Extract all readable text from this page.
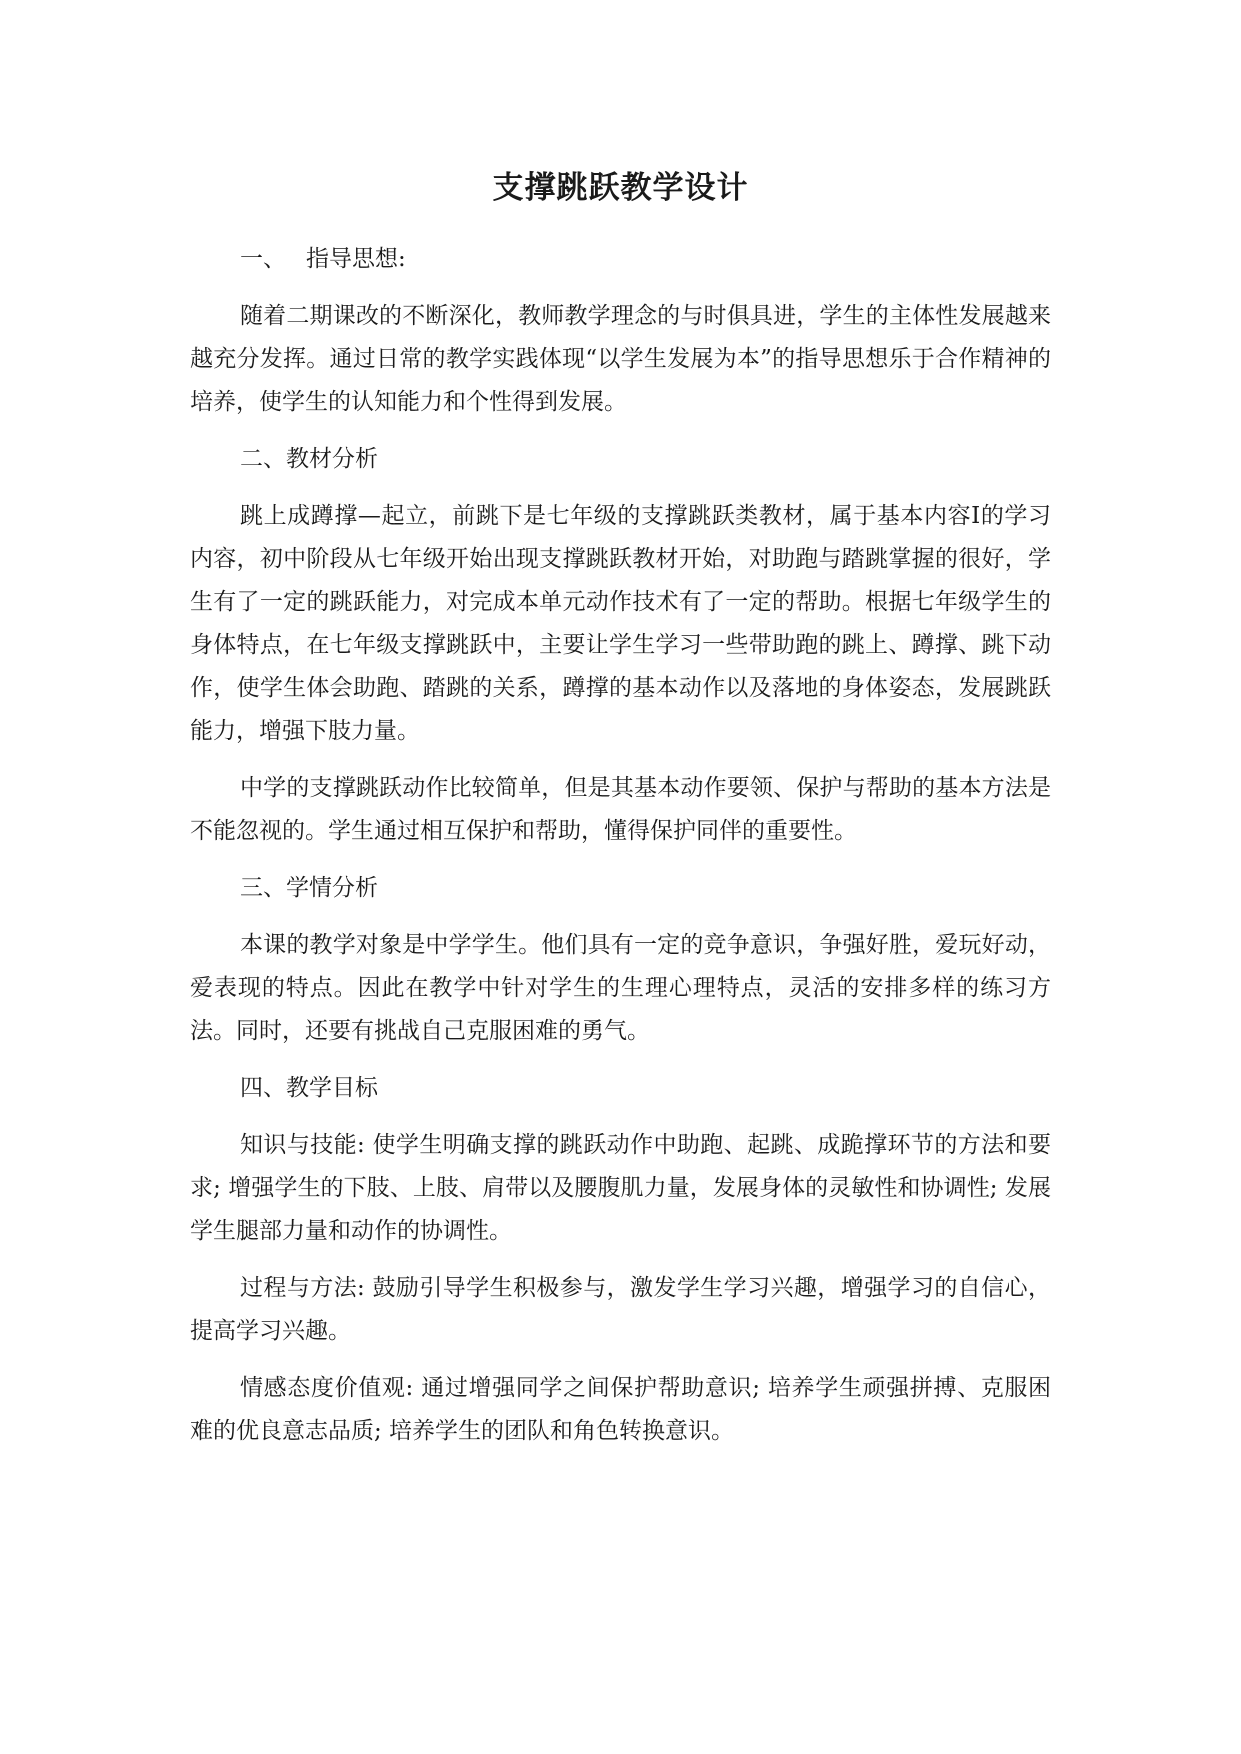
支撑跳跃教学设计

一、 指导思想:

随着二期课改的不断深化，教师教学理念的与时俱具进，学生的主体性发展越来越充分发挥。通过日常的教学实践体现“以学生发展为本”的指导思想乐于合作精神的培养，使学生的认知能力和个性得到发展。

二、教材分析

跳上成蹲撑—起立，前跳下是七年级的支撑跳跃类教材，属于基本内容Ⅰ的学习内容，初中阶段从七年级开始出现支撑跳跃教材开始，对助跑与踏跳掌握的很好，学生有了一定的跳跃能力，对完成本单元动作技术有了一定的帮助。根据七年级学生的身体特点，在七年级支撑跳跃中，主要让学生学习一些带助跑的跳上、蹲撑、跳下动作，使学生体会助跑、踏跳的关系，蹲撑的基本动作以及落地的身体姿态，发展跳跃能力，增强下肢力量。

中学的支撑跳跃动作比较简单，但是其基本动作要领、保护与帮助的基本方法是不能忽视的。学生通过相互保护和帮助，懂得保护同伴的重要性。

三、学情分析

本课的教学对象是中学学生。他们具有一定的竞争意识，争强好胜，爱玩好动，爱表现的特点。因此在教学中针对学生的生理心理特点，灵活的安排多样的练习方法。同时，还要有挑战自己克服困难的勇气。

四、教学目标

知识与技能: 使学生明确支撑的跳跃动作中助跑、起跳、成跪撑环节的方法和要求; 增强学生的下肢、上肢、肩带以及腰腹肌力量，发展身体的灵敏性和协调性; 发展学生腿部力量和动作的协调性。

过程与方法: 鼓励引导学生积极参与，激发学生学习兴趣，增强学习的自信心，提高学习兴趣。

情感态度价值观: 通过增强同学之间保护帮助意识; 培养学生顽强拼搏、克服困难的优良意志品质; 培养学生的团队和角色转换意识。
